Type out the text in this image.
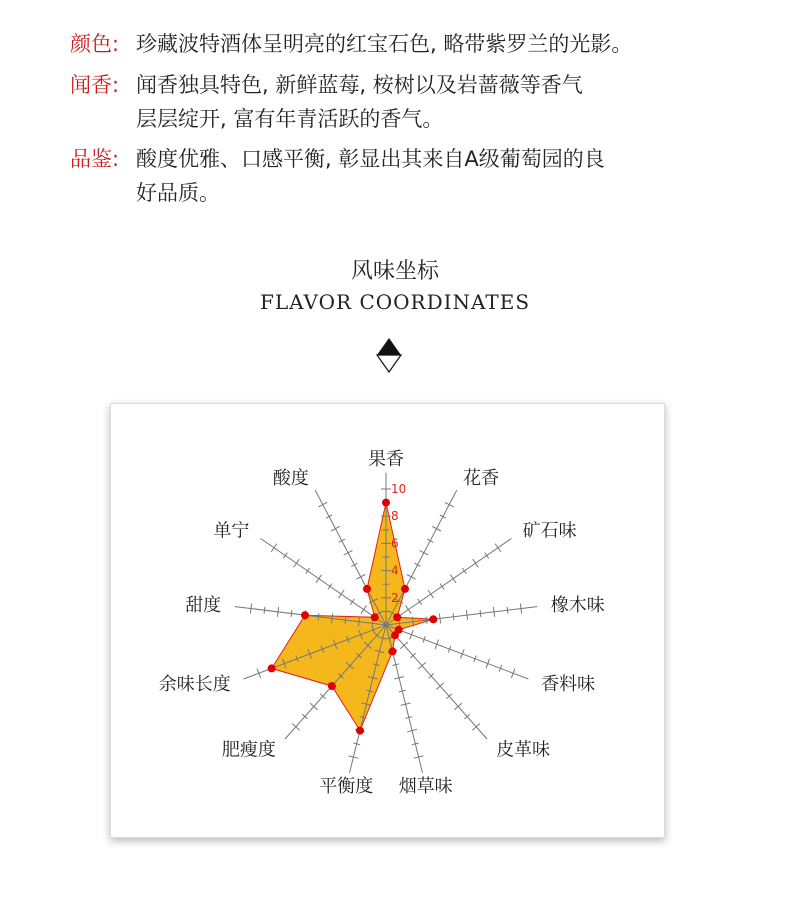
颜色: 珍藏波特酒体呈明亮的红宝石色, 略带紫罗兰的光影。
闻香: 闻香独具特色, 新鲜蓝莓, 桉树以及岩蔷薇等香气
层层绽开, 富有年青活跃的香气。
品鉴: 酸度优雅、口感平衡, 彰显出其来自A级葡萄园的良
好品质。
风味坐标
FLAVOR COORDINATES
2
4
6
8
10
果香
花香
矿石味
橡木味
香料味
皮革味
烟草味
平衡度
肥瘦度
余味长度
甜度
单宁
酸度
